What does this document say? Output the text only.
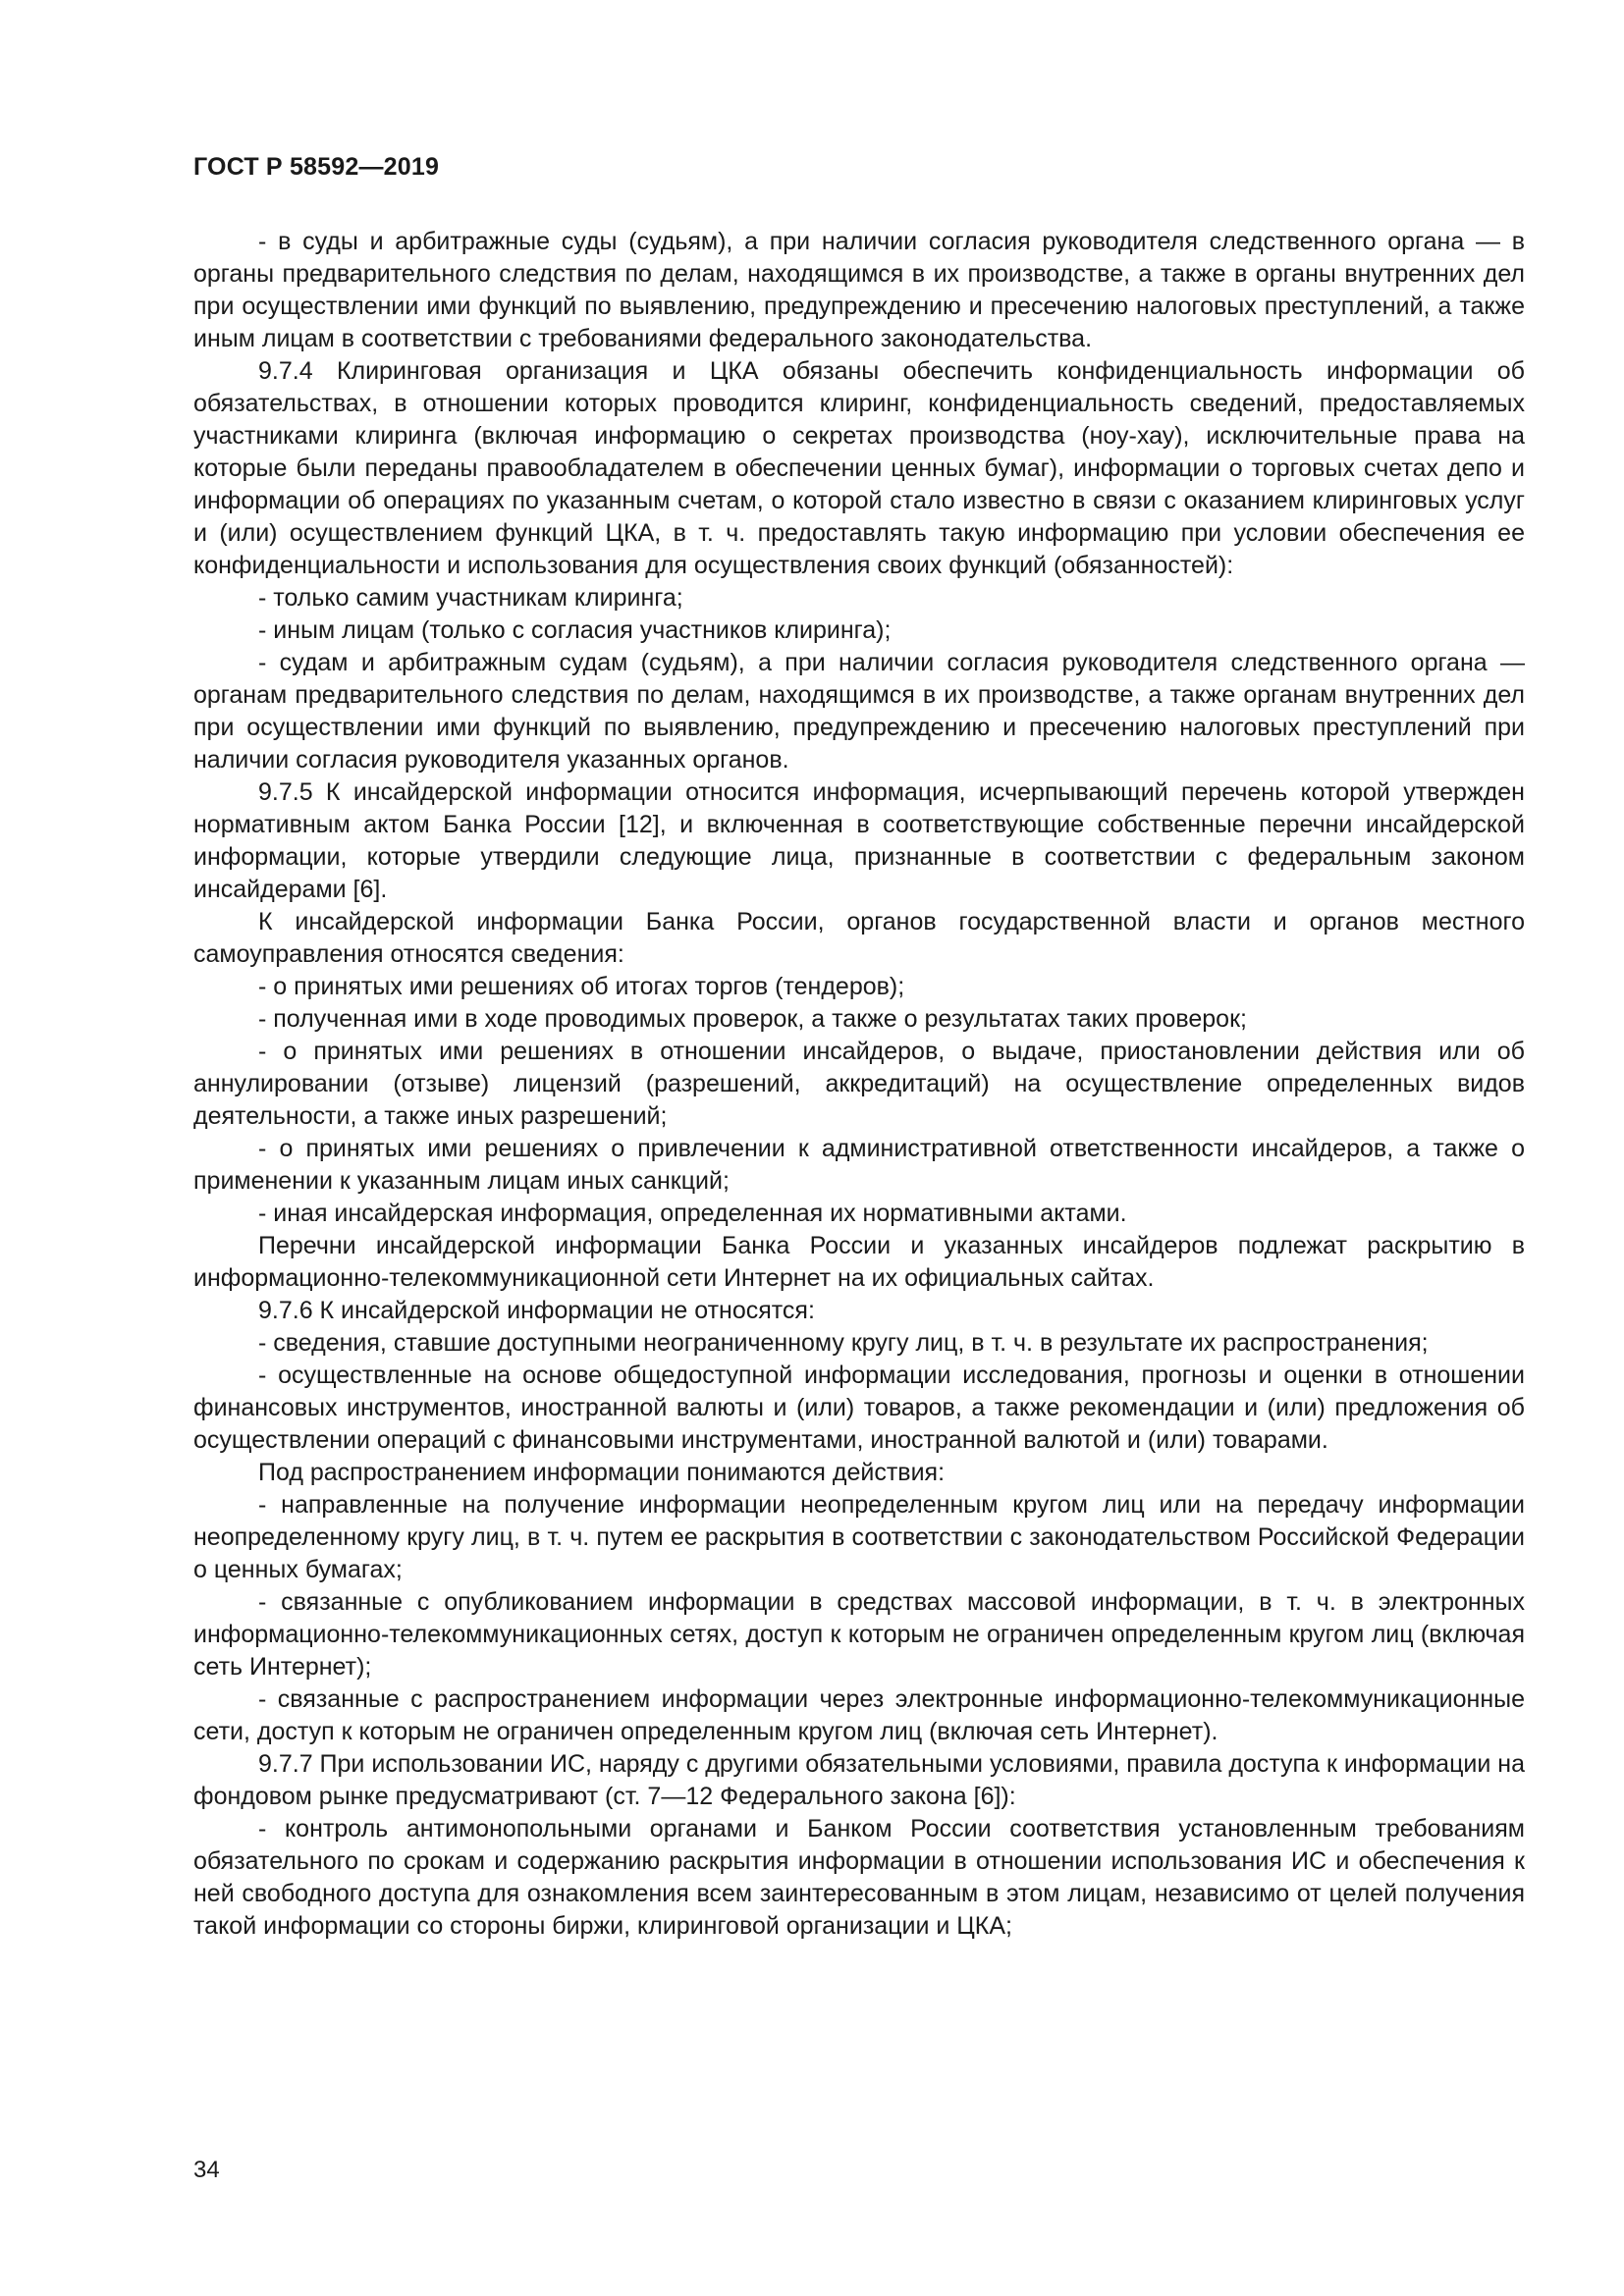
ГОСТ Р 58592—2019

- в суды и арбитражные суды (судьям), а при наличии согласия руководителя следственного органа — в органы предварительного следствия по делам, находящимся в их производстве, а также в органы внутренних дел при осуществлении ими функций по выявлению, предупреждению и пресечению налоговых преступлений, а также иным лицам в соответствии с требованиями федерального законодательства.

9.7.4 Клиринговая организация и ЦКА обязаны обеспечить конфиденциальность информации об обязательствах, в отношении которых проводится клиринг, конфиденциальность сведений, предоставляемых участниками клиринга (включая информацию о секретах производства (ноу-хау), исключительные права на которые были переданы правообладателем в обеспечении ценных бумаг), информации о торговых счетах депо и информации об операциях по указанным счетам, о которой стало известно в связи с оказанием клиринговых услуг и (или) осуществлением функций ЦКА, в т. ч. предоставлять такую информацию при условии обеспечения ее конфиденциальности и использования для осуществления своих функций (обязанностей):

- только самим участникам клиринга;

- иным лицам (только с согласия участников клиринга);

- судам и арбитражным судам (судьям), а при наличии согласия руководителя следственного органа — органам предварительного следствия по делам, находящимся в их производстве, а также органам внутренних дел при осуществлении ими функций по выявлению, предупреждению и пресечению налоговых преступлений при наличии согласия руководителя указанных органов.

9.7.5 К инсайдерской информации относится информация, исчерпывающий перечень которой утвержден нормативным актом Банка России [12], и включенная в соответствующие собственные перечни инсайдерской информации, которые утвердили следующие лица, признанные в соответствии с федеральным законом инсайдерами [6].

К инсайдерской информации Банка России, органов государственной власти и органов местного самоуправления относятся сведения:

- о принятых ими решениях об итогах торгов (тендеров);

- полученная ими в ходе проводимых проверок, а также о результатах таких проверок;

- о принятых ими решениях в отношении инсайдеров, о выдаче, приостановлении действия или об аннулировании (отзыве) лицензий (разрешений, аккредитаций) на осуществление определенных видов деятельности, а также иных разрешений;

- о принятых ими решениях о привлечении к административной ответственности инсайдеров, а также о применении к указанным лицам иных санкций;

- иная инсайдерская информация, определенная их нормативными актами.

Перечни инсайдерской информации Банка России и указанных инсайдеров подлежат раскрытию в информационно-телекоммуникационной сети Интернет на их официальных сайтах.

9.7.6 К инсайдерской информации не относятся:

- сведения, ставшие доступными неограниченному кругу лиц, в т. ч. в результате их распространения;

- осуществленные на основе общедоступной информации исследования, прогнозы и оценки в отношении финансовых инструментов, иностранной валюты и (или) товаров, а также рекомендации и (или) предложения об осуществлении операций с финансовыми инструментами, иностранной валютой и (или) товарами.

Под распространением информации понимаются действия:

- направленные на получение информации неопределенным кругом лиц или на передачу информации неопределенному кругу лиц, в т. ч. путем ее раскрытия в соответствии с законодательством Российской Федерации о ценных бумагах;

- связанные с опубликованием информации в средствах массовой информации, в т. ч. в электронных информационно-телекоммуникационных сетях, доступ к которым не ограничен определенным кругом лиц (включая сеть Интернет);

- связанные с распространением информации через электронные информационно-телекоммуникационные сети, доступ к которым не ограничен определенным кругом лиц (включая сеть Интернет).

9.7.7 При использовании ИС, наряду с другими обязательными условиями, правила доступа к информации на фондовом рынке предусматривают (ст. 7—12 Федерального закона [6]):

- контроль антимонопольными органами и Банком России соответствия установленным требованиям обязательного по срокам и содержанию раскрытия информации в отношении использования ИС и обеспечения к ней свободного доступа для ознакомления всем заинтересованным в этом лицам, независимо от целей получения такой информации со стороны биржи, клиринговой организации и ЦКА;

34
